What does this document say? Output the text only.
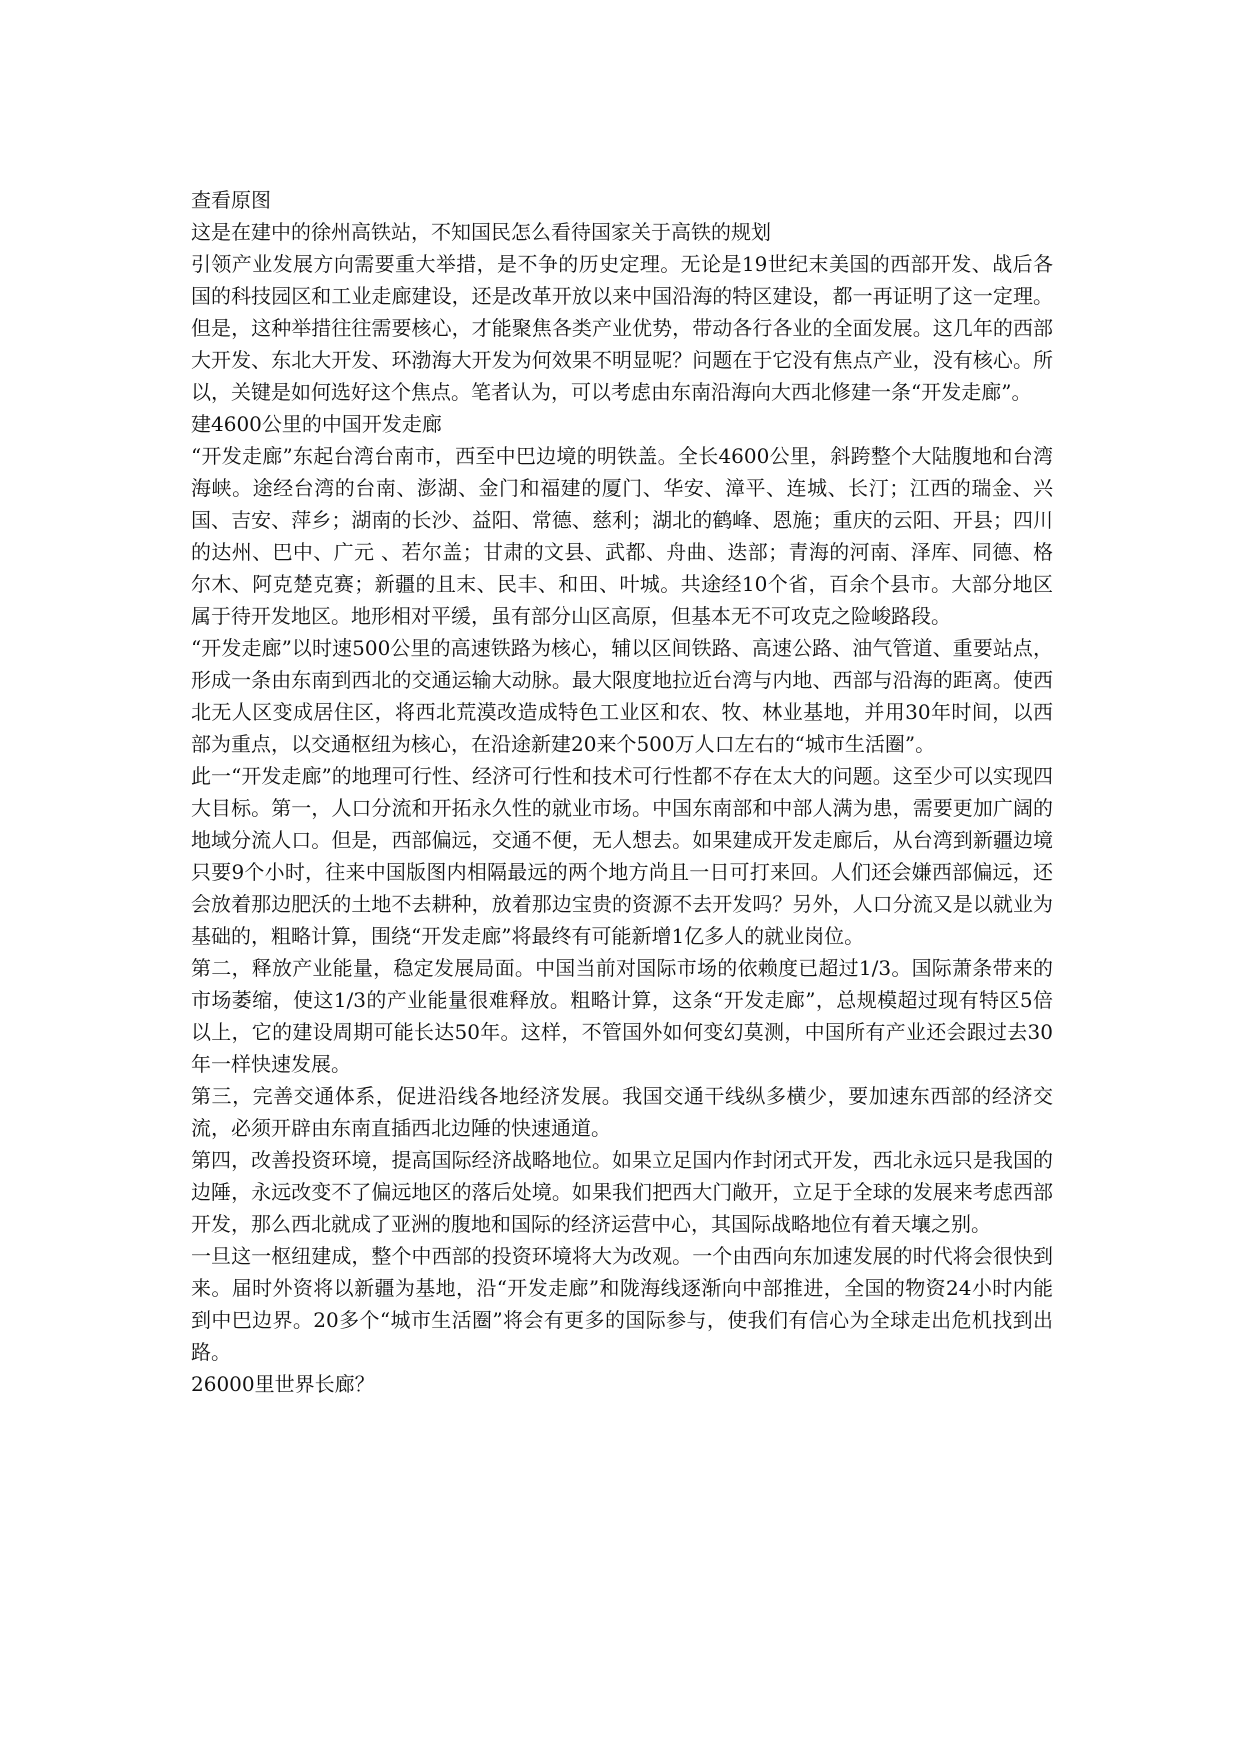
查看原图

这是在建中的徐州高铁站，不知国民怎么看待国家关于高铁的规划

引领产业发展方向需要重大举措，是不争的历史定理。无论是19世纪末美国的西部开发、战后各国的科技园区和工业走廊建设，还是改革开放以来中国沿海的特区建设，都一再证明了这一定理。但是，这种举措往往需要核心，才能聚焦各类产业优势，带动各行各业的全面发展。这几年的西部大开发、东北大开发、环渤海大开发为何效果不明显呢？问题在于它没有焦点产业，没有核心。所以，关键是如何选好这个焦点。笔者认为，可以考虑由东南沿海向大西北修建一条“开发走廊”。

建4600公里的中国开发走廊

“开发走廊”东起台湾台南市，西至中巴边境的明铁盖。全长4600公里，斜跨整个大陆腹地和台湾海峡。途经台湾的台南、澎湖、金门和福建的厦门、华安、漳平、连城、长汀；江西的瑞金、兴国、吉安、萍乡；湖南的长沙、益阳、常德、慈利；湖北的鹤峰、恩施；重庆的云阳、开县；四川的达州、巴中、广元 、若尔盖；甘肃的文县、武都、舟曲、迭部；青海的河南、泽库、同德、格尔木、阿克楚克赛；新疆的且末、民丰、和田、叶城。共途经10个省，百余个县市。大部分地区属于待开发地区。地形相对平缓，虽有部分山区高原，但基本无不可攻克之险峻路段。

“开发走廊”以时速500公里的高速铁路为核心，辅以区间铁路、高速公路、油气管道、重要站点，形成一条由东南到西北的交通运输大动脉。最大限度地拉近台湾与内地、西部与沿海的距离。使西北无人区变成居住区，将西北荒漠改造成特色工业区和农、牧、林业基地，并用30年时间，以西部为重点，以交通枢纽为核心，在沿途新建20来个500万人口左右的“城市生活圈”。

此一“开发走廊”的地理可行性、经济可行性和技术可行性都不存在太大的问题。这至少可以实现四大目标。第一，人口分流和开拓永久性的就业市场。中国东南部和中部人满为患，需要更加广阔的地域分流人口。但是，西部偏远，交通不便，无人想去。如果建成开发走廊后，从台湾到新疆边境只要9个小时，往来中国版图内相隔最远的两个地方尚且一日可打来回。人们还会嫌西部偏远，还会放着那边肥沃的土地不去耕种，放着那边宝贵的资源不去开发吗？另外，人口分流又是以就业为基础的，粗略计算，围绕“开发走廊”将最终有可能新增1亿多人的就业岗位。

第二，释放产业能量，稳定发展局面。中国当前对国际市场的依赖度已超过1/3。国际萧条带来的市场萎缩，使这1/3的产业能量很难释放。粗略计算，这条“开发走廊”，总规模超过现有特区5倍以上，它的建设周期可能长达50年。这样，不管国外如何变幻莫测，中国所有产业还会跟过去30年一样快速发展。

第三，完善交通体系，促进沿线各地经济发展。我国交通干线纵多横少，要加速东西部的经济交流，必须开辟由东南直插西北边陲的快速通道。

第四，改善投资环境，提高国际经济战略地位。如果立足国内作封闭式开发，西北永远只是我国的边陲，永远改变不了偏远地区的落后处境。如果我们把西大门敞开，立足于全球的发展来考虑西部开发，那么西北就成了亚洲的腹地和国际的经济运营中心，其国际战略地位有着天壤之别。

一旦这一枢纽建成，整个中西部的投资环境将大为改观。一个由西向东加速发展的时代将会很快到来。届时外资将以新疆为基地，沿“开发走廊”和陇海线逐渐向中部推进，全国的物资24小时内能到中巴边界。20多个“城市生活圈”将会有更多的国际参与，使我们有信心为全球走出危机找到出路。

26000里世界长廊？
